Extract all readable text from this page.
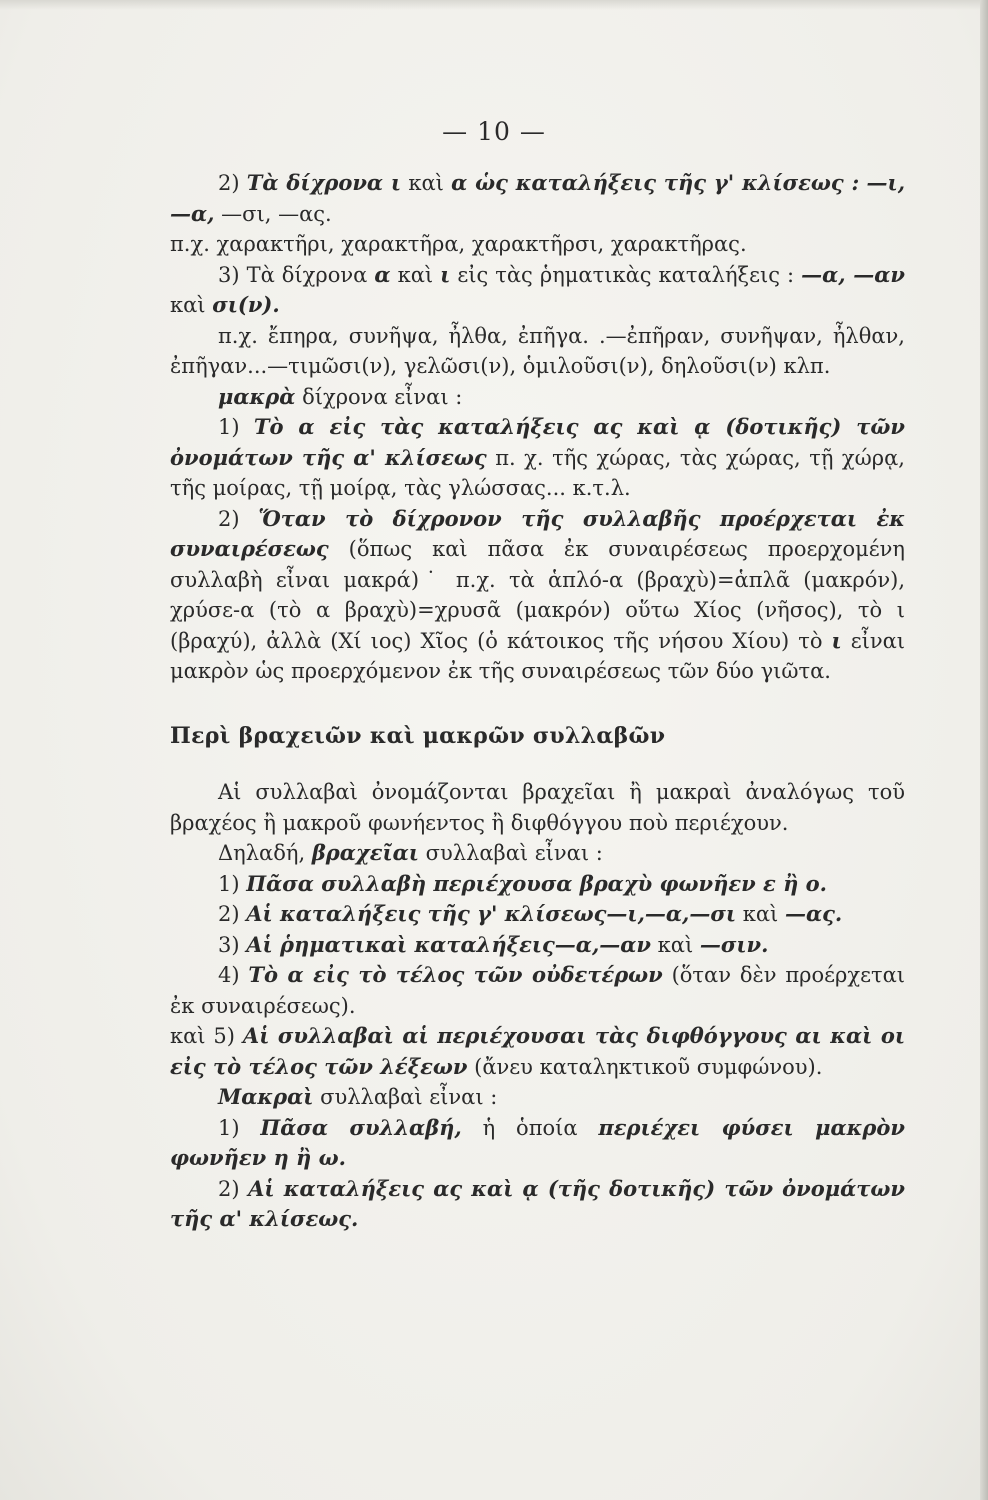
— 10 —

2) Τὰ δίχρονα ι καὶ α ὡς καταλήξεις τῆς γ' κλίσεως : —ι, —α, —σι, —ας.

π.χ. χαρακτῆρι, χαρακτῆρα, χαρακτῆρσι, χαρακτῆρας.

3) Τὰ δίχρονα α καὶ ι εἰς τὰς ῥηματικὰς καταλήξεις : —α, —αν καὶ σι(ν).

π.χ. ἔπηρα, συνῆψα, ἦλθα, ἐπῆγα. .—ἐπῆραν, συνῆψαν, ἦλθαν, ἐπῆγαν...—τιμῶσι(ν), γελῶσι(ν), ὁμιλοῦσι(ν), δηλοῦσι(ν) κλπ.

μακρὰ δίχρονα εἶναι :

1) Τὸ α εἰς τὰς καταλήξεις ας καὶ ᾳ (δοτικῆς) τῶν ὀνομάτων τῆς α' κλίσεως π. χ. τῆς χώρας, τὰς χώρας, τῇ χώρᾳ, τῆς μοίρας, τῇ μοίρᾳ, τὰς γλώσσας... κ.τ.λ.

2) Ὅταν τὸ δίχρονον τῆς συλλαβῆς προέρχεται ἐκ συναιρέσεως (ὅπως καὶ πᾶσα ἐκ συναιρέσεως προερχομένη συλλαβὴ εἶναι μακρά)˙ π.χ. τὰ ἁπλό-α (βραχὺ)=ἁπλᾶ (μακρόν), χρύσε-α (τὸ α βραχὺ)=χρυσᾶ (μακρόν) οὕτω Χίος (νῆσος), τὸ ι (βραχύ), ἀλλὰ (Χί ιος) Χῖος (ὁ κάτοικος τῆς νήσου Χίου) τὸ ι εἶναι μακρὸν ὡς προερχόμενον ἐκ τῆς συναιρέσεως τῶν δύο γιῶτα.

Περὶ βραχειῶν καὶ μακρῶν συλλαβῶν

Αἱ συλλαβαὶ ὀνομάζονται βραχεῖαι ἢ μακραὶ ἀναλόγως τοῦ βραχέος ἢ μακροῦ φωνήεντος ἢ διφθόγγου ποὺ περιέχουν.

Δηλαδή, βραχεῖαι συλλαβαὶ εἶναι :

1) Πᾶσα συλλαβὴ περιέχουσα βραχὺ φωνῆεν ε ἢ ο.

2) Αἱ καταλήξεις τῆς γ' κλίσεως—ι,—α,—σι καὶ —ας.

3) Αἱ ῥηματικαὶ καταλήξεις—α,—αν καὶ —σιν.

4) Τὸ α εἰς τὸ τέλος τῶν οὐδετέρων (ὅταν δὲν προέρχεται ἐκ συναιρέσεως).

καὶ 5) Αἱ συλλαβαὶ αἱ περιέχουσαι τὰς διφθόγγους αι καὶ οι εἰς τὸ τέλος τῶν λέξεων (ἄνευ καταληκτικοῦ συμφώνου).

Μακραὶ συλλαβαὶ εἶναι :

1) Πᾶσα συλλαβή, ἡ ὁποία περιέχει φύσει μακρὸν φωνῆεν η ἢ ω.

2) Αἱ καταλήξεις ας καὶ ᾳ (τῆς δοτικῆς) τῶν ὀνομάτων τῆς α' κλίσεως.
